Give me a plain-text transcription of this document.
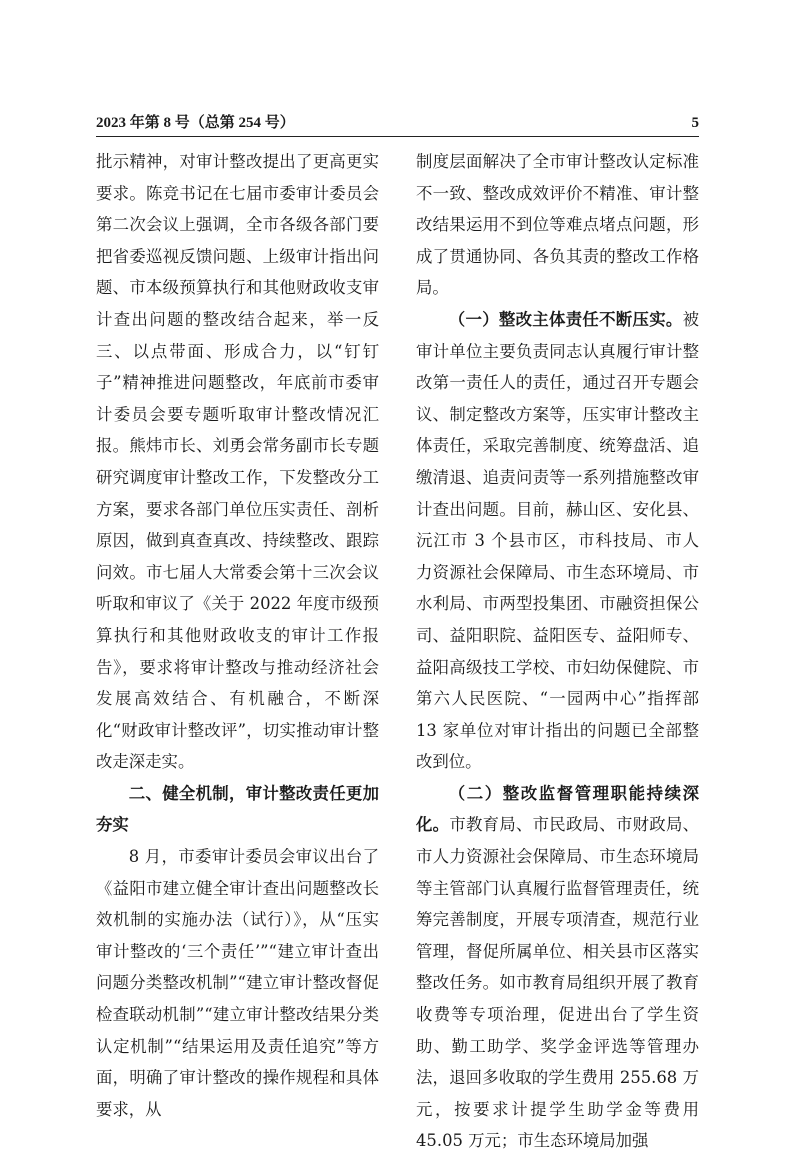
2023 年第 8 号（总第 254 号）	5

批示精神，对审计整改提出了更高更实要求。陈竞书记在七届市委审计委员会第二次会议上强调，全市各级各部门要把省委巡视反馈问题、上级审计指出问题、市本级预算执行和其他财政收支审计查出问题的整改结合起来，举一反三、以点带面、形成合力，以“钉钉子”精神推进问题整改，年底前市委审计委员会要专题听取审计整改情况汇报。熊炜市长、刘勇会常务副市长专题研究调度审计整改工作，下发整改分工方案，要求各部门单位压实责任、剖析原因，做到真查真改、持续整改、跟踪问效。市七届人大常委会第十三次会议听取和审议了《关于 2022 年度市级预算执行和其他财政收支的审计工作报告》，要求将审计整改与推动经济社会发展高效结合、有机融合，不断深化“财政审计整改评”，切实推动审计整改走深走实。

二、健全机制，审计整改责任更加夯实

8 月，市委审计委员会审议出台了《益阳市建立健全审计查出问题整改长效机制的实施办法（试行）》，从“压实审计整改的‘三个责任’”“建立审计查出问题分类整改机制”“建立审计整改督促检查联动机制”“建立审计整改结果分类认定机制”“结果运用及责任追究”等方面，明确了审计整改的操作规程和具体要求，从

制度层面解决了全市审计整改认定标准不一致、整改成效评价不精准、审计整改结果运用不到位等难点堵点问题，形成了贯通协同、各负其责的整改工作格局。

（一）整改主体责任不断压实。被审计单位主要负责同志认真履行审计整改第一责任人的责任，通过召开专题会议、制定整改方案等，压实审计整改主体责任，采取完善制度、统筹盘活、追缴清退、追责问责等一系列措施整改审计查出问题。目前，赫山区、安化县、沅江市 3 个县市区，市科技局、市人力资源社会保障局、市生态环境局、市水利局、市两型投集团、市融资担保公司、益阳职院、益阳医专、益阳师专、益阳高级技工学校、市妇幼保健院、市第六人民医院、“一园两中心”指挥部 13 家单位对审计指出的问题已全部整改到位。

（二）整改监督管理职能持续深化。市教育局、市民政局、市财政局、市人力资源社会保障局、市生态环境局等主管部门认真履行监督管理责任，统筹完善制度，开展专项清查，规范行业管理，督促所属单位、相关县市区落实整改任务。如市教育局组织开展了教育收费等专项治理，促进出台了学生资助、勤工助学、奖学金评选等管理办法，退回多收取的学生费用 255.68 万元，按要求计提学生助学金等费用 45.05 万元；市生态环境局加强
